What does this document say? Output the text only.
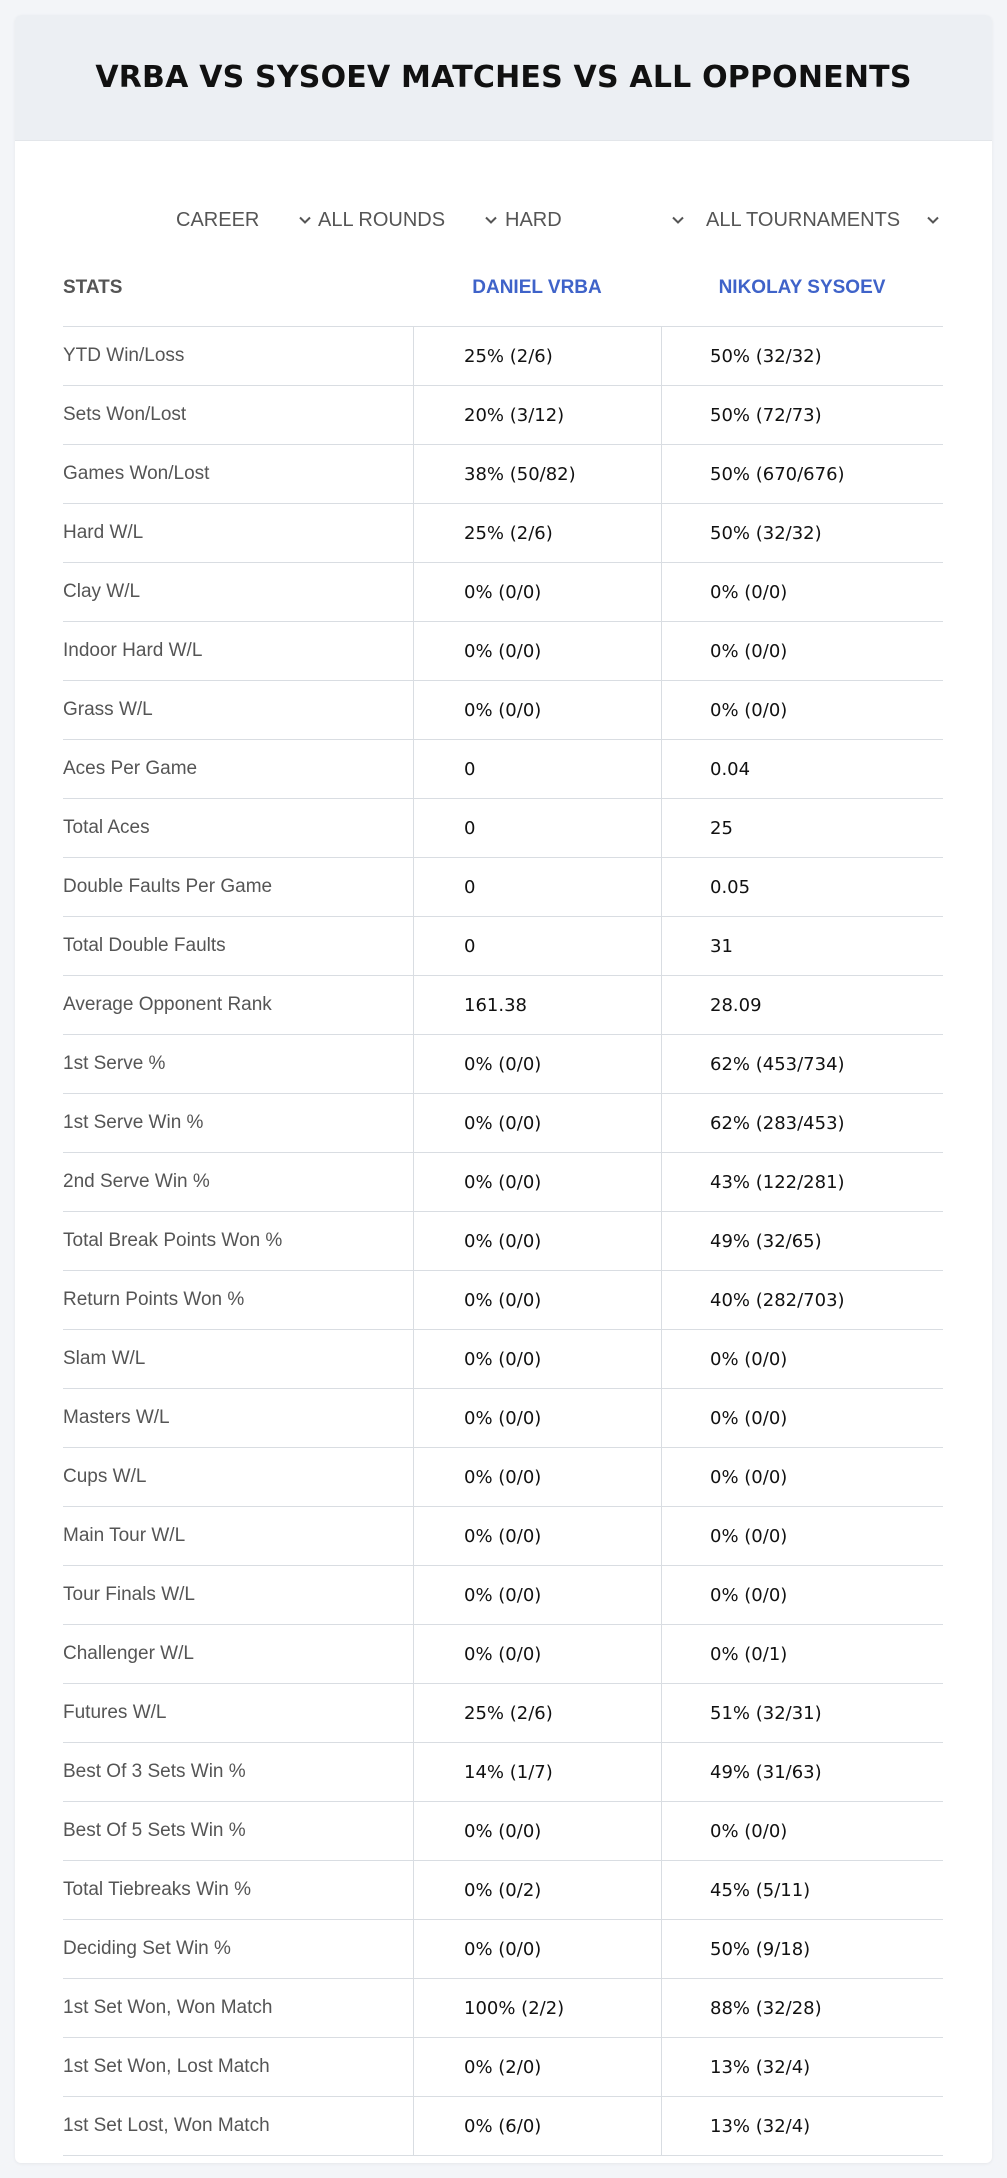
VRBA VS SYSOEV MATCHES VS ALL OPPONENTS
CAREER	ALL ROUNDS	HARD	ALL TOURNAMENTS
STATS	DANIEL VRBA	NIKOLAY SYSOEV
YTD Win/Loss	25% (2/6)	50% (32/32)
Sets Won/Lost	20% (3/12)	50% (72/73)
Games Won/Lost	38% (50/82)	50% (670/676)
Hard W/L	25% (2/6)	50% (32/32)
Clay W/L	0% (0/0)	0% (0/0)
Indoor Hard W/L	0% (0/0)	0% (0/0)
Grass W/L	0% (0/0)	0% (0/0)
Aces Per Game	0	0.04
Total Aces	0	25
Double Faults Per Game	0	0.05
Total Double Faults	0	31
Average Opponent Rank	161.38	28.09
1st Serve %	0% (0/0)	62% (453/734)
1st Serve Win %	0% (0/0)	62% (283/453)
2nd Serve Win %	0% (0/0)	43% (122/281)
Total Break Points Won %	0% (0/0)	49% (32/65)
Return Points Won %	0% (0/0)	40% (282/703)
Slam W/L	0% (0/0)	0% (0/0)
Masters W/L	0% (0/0)	0% (0/0)
Cups W/L	0% (0/0)	0% (0/0)
Main Tour W/L	0% (0/0)	0% (0/0)
Tour Finals W/L	0% (0/0)	0% (0/0)
Challenger W/L	0% (0/0)	0% (0/1)
Futures W/L	25% (2/6)	51% (32/31)
Best Of 3 Sets Win %	14% (1/7)	49% (31/63)
Best Of 5 Sets Win %	0% (0/0)	0% (0/0)
Total Tiebreaks Win %	0% (0/2)	45% (5/11)
Deciding Set Win %	0% (0/0)	50% (9/18)
1st Set Won, Won Match	100% (2/2)	88% (32/28)
1st Set Won, Lost Match	0% (2/0)	13% (32/4)
1st Set Lost, Won Match	0% (6/0)	13% (32/4)
